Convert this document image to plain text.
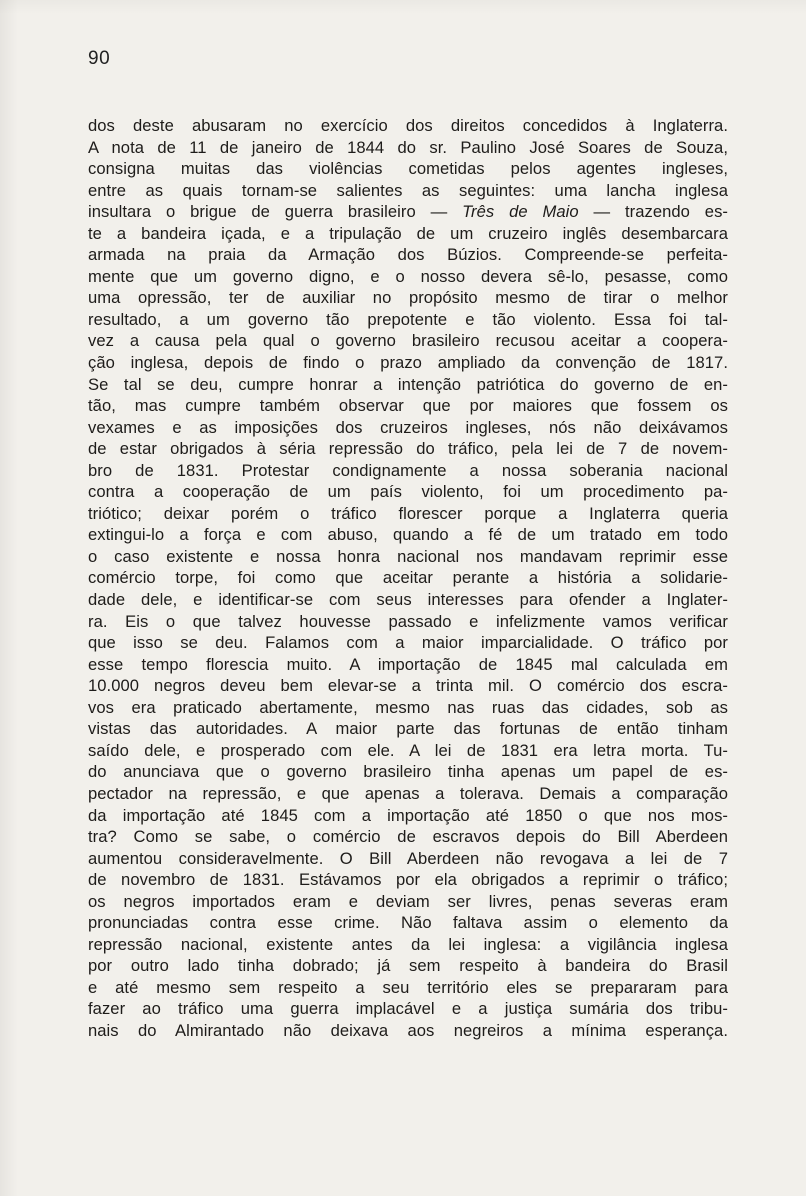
90
dos deste abusaram no exercício dos direitos concedidos à Inglaterra.
A nota de 11 de janeiro de 1844 do sr. Paulino José Soares de Souza,
consigna muitas das violências cometidas pelos agentes ingleses,
entre as quais tornam-se salientes as seguintes: uma lancha inglesa
insultara o brigue de guerra brasileiro — Três de Maio — trazendo es-
te a bandeira içada, e a tripulação de um cruzeiro inglês desembarcara
armada na praia da Armação dos Búzios. Compreende-se perfeita-
mente que um governo digno, e o nosso devera sê-lo, pesasse, como
uma opressão, ter de auxiliar no propósito mesmo de tirar o melhor
resultado, a um governo tão prepotente e tão violento. Essa foi tal-
vez a causa pela qual o governo brasileiro recusou aceitar a coopera-
ção inglesa, depois de findo o prazo ampliado da convenção de 1817.
Se tal se deu, cumpre honrar a intenção patriótica do governo de en-
tão, mas cumpre também observar que por maiores que fossem os
vexames e as imposições dos cruzeiros ingleses, nós não deixávamos
de estar obrigados à séria repressão do tráfico, pela lei de 7 de novem-
bro de 1831. Protestar condignamente a nossa soberania nacional
contra a cooperação de um país violento, foi um procedimento pa-
triótico; deixar porém o tráfico florescer porque a Inglaterra queria
extingui-lo a força e com abuso, quando a fé de um tratado em todo
o caso existente e nossa honra nacional nos mandavam reprimir esse
comércio torpe, foi como que aceitar perante a história a solidarie-
dade dele, e identificar-se com seus interesses para ofender a Inglater-
ra. Eis o que talvez houvesse passado e infelizmente vamos verificar
que isso se deu. Falamos com a maior imparcialidade. O tráfico por
esse tempo florescia muito. A importação de 1845 mal calculada em
10.000 negros deveu bem elevar-se a trinta mil. O comércio dos escra-
vos era praticado abertamente, mesmo nas ruas das cidades, sob as
vistas das autoridades. A maior parte das fortunas de então tinham
saído dele, e prosperado com ele. A lei de 1831 era letra morta. Tu-
do anunciava que o governo brasileiro tinha apenas um papel de es-
pectador na repressão, e que apenas a tolerava. Demais a comparação
da importação até 1845 com a importação até 1850 o que nos mos-
tra? Como se sabe, o comércio de escravos depois do Bill Aberdeen
aumentou consideravelmente. O Bill Aberdeen não revogava a lei de 7
de novembro de 1831. Estávamos por ela obrigados a reprimir o tráfico;
os negros importados eram e deviam ser livres, penas severas eram
pronunciadas contra esse crime. Não faltava assim o elemento da
repressão nacional, existente antes da lei inglesa: a vigilância inglesa
por outro lado tinha dobrado; já sem respeito à bandeira do Brasil
e até mesmo sem respeito a seu território eles se prepararam para
fazer ao tráfico uma guerra implacável e a justiça sumária dos tribu-
nais do Almirantado não deixava aos negreiros a mínima esperança.
